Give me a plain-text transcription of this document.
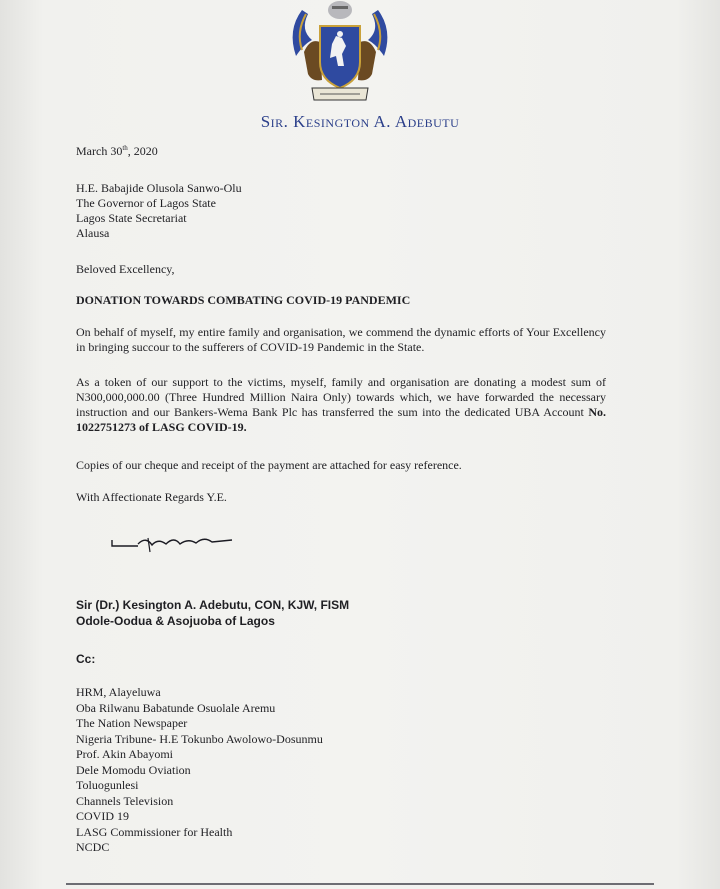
Sir. Kesington A. Adebutu
March 30th, 2020
H.E. Babajide Olusola Sanwo-Olu
The Governor of Lagos State
Lagos State Secretariat
Alausa
Beloved Excellency,
DONATION TOWARDS COMBATING COVID-19 PANDEMIC
On behalf of myself, my entire family and organisation, we commend the dynamic efforts of Your Excellency in bringing succour to the sufferers of COVID-19 Pandemic in the State.
As a token of our support to the victims, myself, family and organisation are donating a modest sum of N300,000,000.00 (Three Hundred Million Naira Only) towards which, we have forwarded the necessary instruction and our Bankers-Wema Bank Plc has transferred the sum into the dedicated UBA Account No. 1022751273 of LASG COVID-19.
Copies of our cheque and receipt of the payment are attached for easy reference.
With Affectionate Regards Y.E.
Sir (Dr.) Kesington A. Adebutu, CON, KJW, FISM
Odole-Oodua & Asojuoba of Lagos
Cc:
HRM, Alayeluwa
Oba Rilwanu Babatunde Osuolale Aremu
The Nation Newspaper
Nigeria Tribune- H.E Tokunbo Awolowo-Dosunmu
Prof. Akin Abayomi
Dele Momodu Oviation
Toluogunlesi
Channels Television
COVID 19
LASG Commissioner for Health
NCDC
